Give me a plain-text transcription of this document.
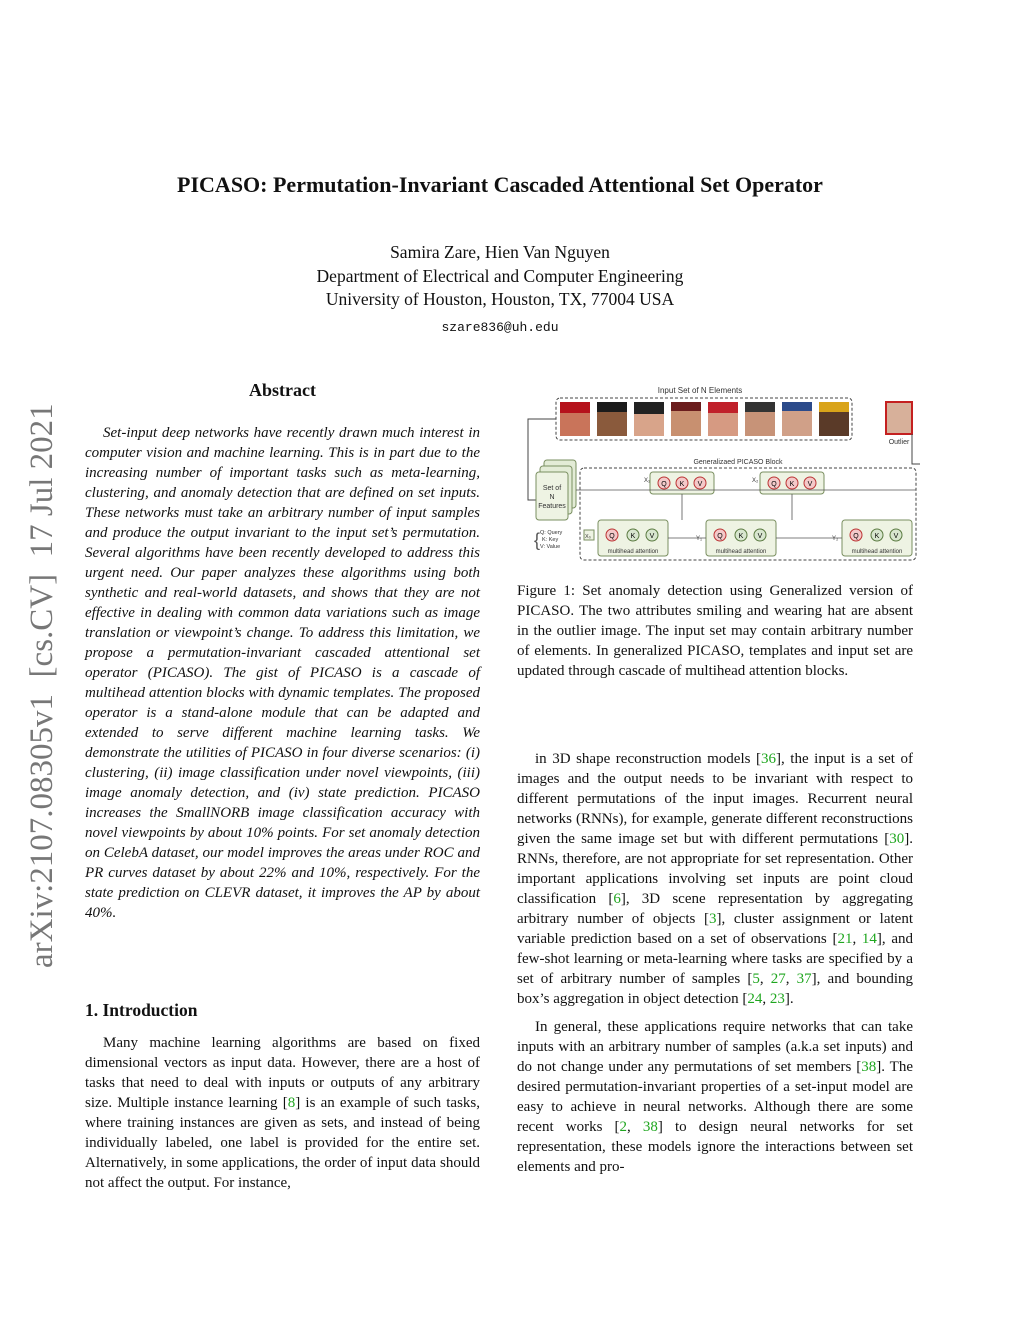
PICASO: Permutation-Invariant Cascaded Attentional Set Operator
Samira Zare, Hien Van Nguyen
Department of Electrical and Computer Engineering
University of Houston, Houston, TX, 77004 USA
szare836@uh.edu
arXiv:2107.08305v1  [cs.CV]  17 Jul 2021
Abstract

Set-input deep networks have recently drawn much interest in computer vision and machine learning. This is in part due to the increasing number of important tasks such as meta-learning, clustering, and anomaly detection that are defined on set inputs. These networks must take an arbitrary number of input samples and produce the output invariant to the input set’s permutation. Several algorithms have been recently developed to address this urgent need. Our paper analyzes these algorithms using both synthetic and real-world datasets, and shows that they are not effective in dealing with common data variations such as image translation or viewpoint’s change. To address this limitation, we propose a permutation-invariant cascaded attentional set operator (PICASO). The gist of PICASO is a cascade of multihead attention blocks with dynamic templates. The proposed operator is a stand-alone module that can be adapted and extended to serve different machine learning tasks. We demonstrate the utilities of PICASO in four diverse scenarios: (i) clustering, (ii) image classification under novel viewpoints, (iii) image anomaly detection, and (iv) state prediction. PICASO increases the SmallNORB image classification accuracy with novel viewpoints by about 10% points. For set anomaly detection on CelebA dataset, our model improves the areas under ROC and PR curves dataset by about 22% and 10%, respectively. For the state prediction on CLEVR dataset, it improves the AP by about 40%.

1. Introduction

Many machine learning algorithms are based on fixed dimensional vectors as input data. However, there are a host of tasks that need to deal with inputs or outputs of any arbitrary size. Multiple instance learning [8] is an example of such tasks, where training instances are given as sets, and instead of being individually labeled, one label is provided for the entire set. Alternatively, in some applications, the order of input data should not affect the output. For instance,

Input Set of N Elements
Outlier
Set of
N
Features
Q: Query
K: Key
V: Value
{
Generalizaed PICASO Block
Q K V
X₁	Q K V
X₂
Q K V
multihead attention
Q K V
multihead attention
Y₁	Q K V
multihead attention
Y₂
X₀
Figure 1: Set anomaly detection using Generalized version of PICASO. The two attributes smiling and wearing hat are absent in the outlier image. The input set may contain arbitrary number of elements. In generalized PICASO, templates and input set are updated through cascade of multihead attention blocks.

in 3D shape reconstruction models [36], the input is a set of images and the output needs to be invariant with respect to different permutations of the input images. Recurrent neural networks (RNNs), for example, generate different reconstructions given the same image set but with different permutations [30]. RNNs, therefore, are not appropriate for set representation. Other important applications involving set inputs are point cloud classification [6], 3D scene representation by aggregating arbitrary number of objects [3], cluster assignment or latent variable prediction based on a set of observations [21, 14], and few-shot learning or meta-learning where tasks are specified by a set of arbitrary number of samples [5, 27, 37], and bounding box’s aggregation in object detection [24, 23].

In general, these applications require networks that can take inputs with an arbitrary number of samples (a.k.a set inputs) and do not change under any permutations of set members [38]. The desired permutation-invariant properties of a set-input model are easy to achieve in neural networks. Although there are some recent works [2, 38] to design neural networks for set representation, these models ignore the interactions between set elements and pro-
